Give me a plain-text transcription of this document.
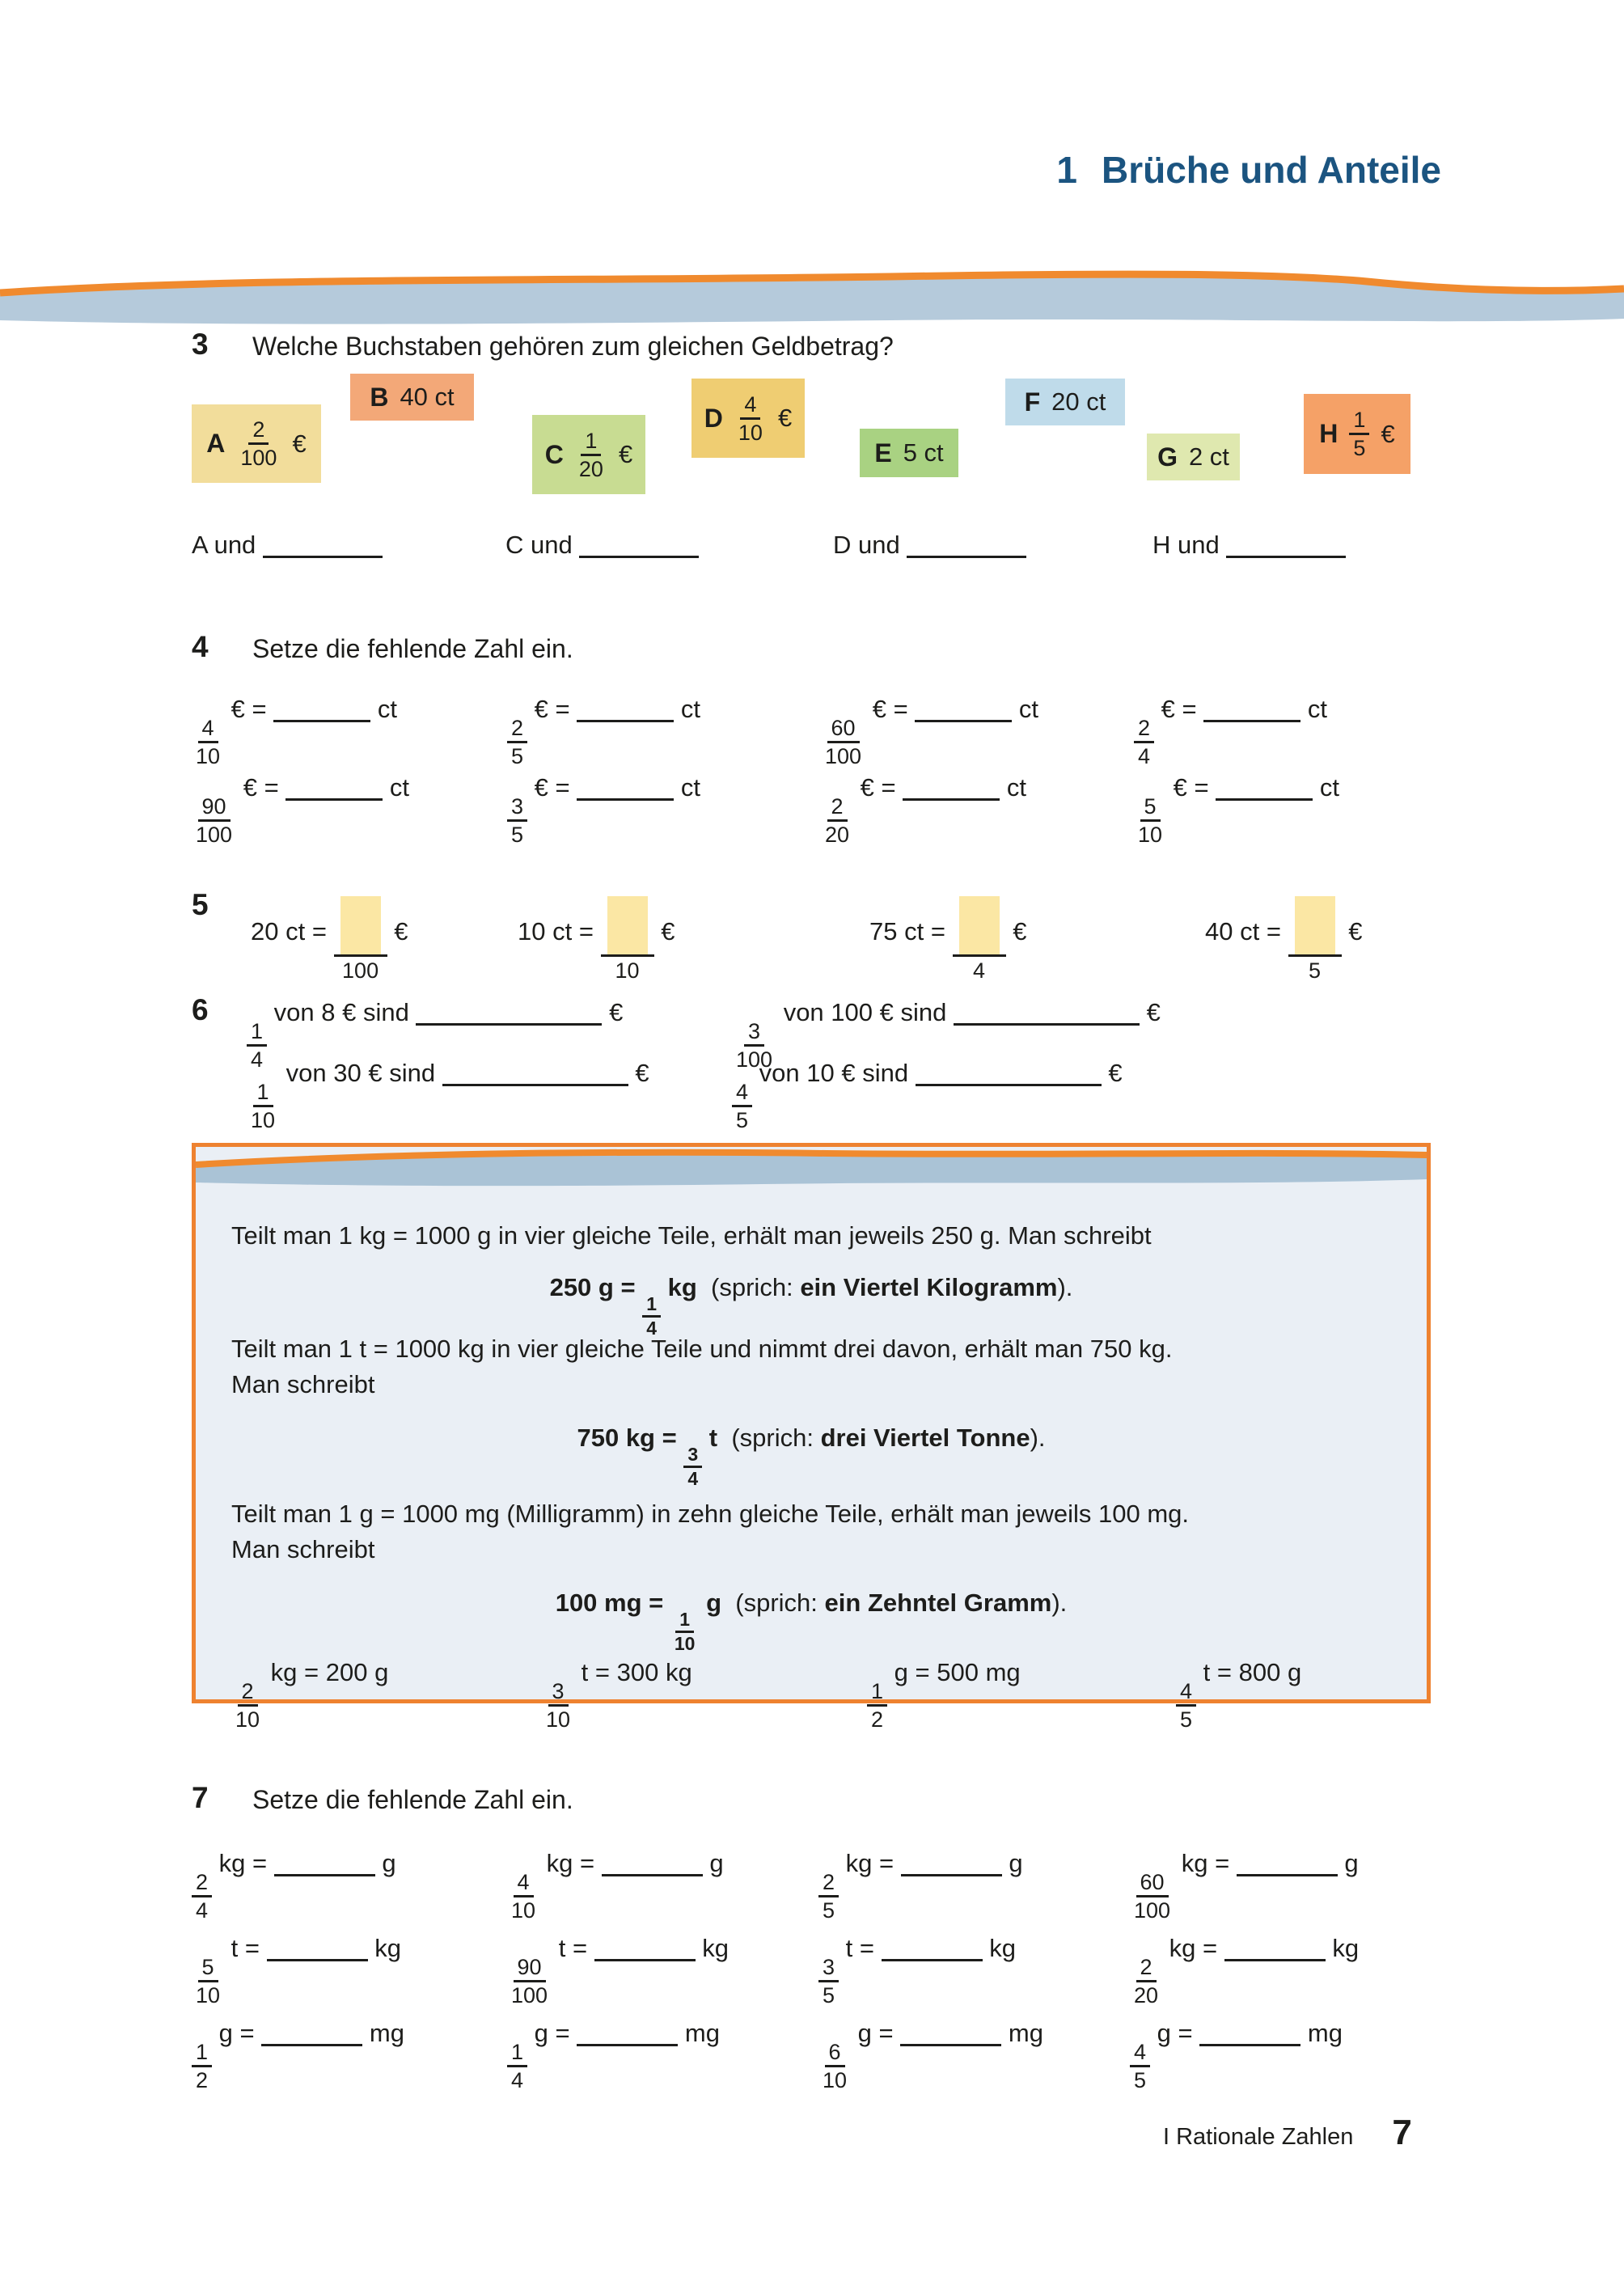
1 Brüche und Anteile
3 Welche Buchstaben gehören zum gleichen Geldbetrag?
A $\frac{2}{100}$ €
B 40 ct
C $\frac{1}{20}$ €
D $\frac{4}{10}$ €
E 5 ct
F 20 ct
G 2 ct
H $\frac{1}{5}$ €
A und	C und	D und	H und
4 Setze die fehlende Zahl ein.
$\frac{4}{10}$
€ =	ct
$\frac{2}{5}$
€ =	ct
$\frac{60}{100}$
€ =	ct
$\frac{2}{4}$
€ =	ct
$\frac{90}{100}$
€ =	ct
$\frac{3}{5}$
€ =	ct
$\frac{2}{20}$
€ =	ct
$\frac{5}{10}$
€ =	ct
5
20 ct =
100
€	10 ct =
10
€	75 ct =
4
€	40 ct =
5
€
6
$\frac{1}{4}$
von 8 € sind	€
$\frac{3}{100}$
von 100 € sind	€
$\frac{1}{10}$
von 30 € sind	€
$\frac{4}{5}$
von 10 € sind	€
Teilt man 1 kg = 1000 g in vier gleiche Teile, erhält man jeweils 250 g. Man schreibt
250 g =
$\frac{1}{4}$
kg (sprich: ein Viertel Kilogramm).
Teilt man 1 t = 1000 kg in vier gleiche Teile und nimmt drei davon, erhält man 750 kg.
Man schreibt
750 kg =
$\frac{3}{4}$
t (sprich: drei Viertel Tonne).
Teilt man 1 g = 1000 mg (Milligramm) in zehn gleiche Teile, erhält man jeweils 100 mg.
Man schreibt
100 mg =
$\frac{1}{10}$
g (sprich: ein Zehntel Gramm).
$\frac{2}{10}$
kg = 200 g
$\frac{3}{10}$
t = 300 kg
$\frac{1}{2}$
g = 500 mg
$\frac{4}{5}$
t = 800 g
7 Setze die fehlende Zahl ein.
$\frac{2}{4}$
kg =	g
$\frac{4}{10}$
kg =	g
$\frac{2}{5}$
kg =	g
$\frac{60}{100}$
kg =	g
$\frac{5}{10}$
t =	kg
$\frac{90}{100}$
t =	kg
$\frac{3}{5}$
t =	kg
$\frac{2}{20}$
kg =	kg
$\frac{1}{2}$
g =	mg
$\frac{1}{4}$
g =	mg
$\frac{6}{10}$
g =	mg
$\frac{4}{5}$
g =	mg
I Rationale Zahlen 7
